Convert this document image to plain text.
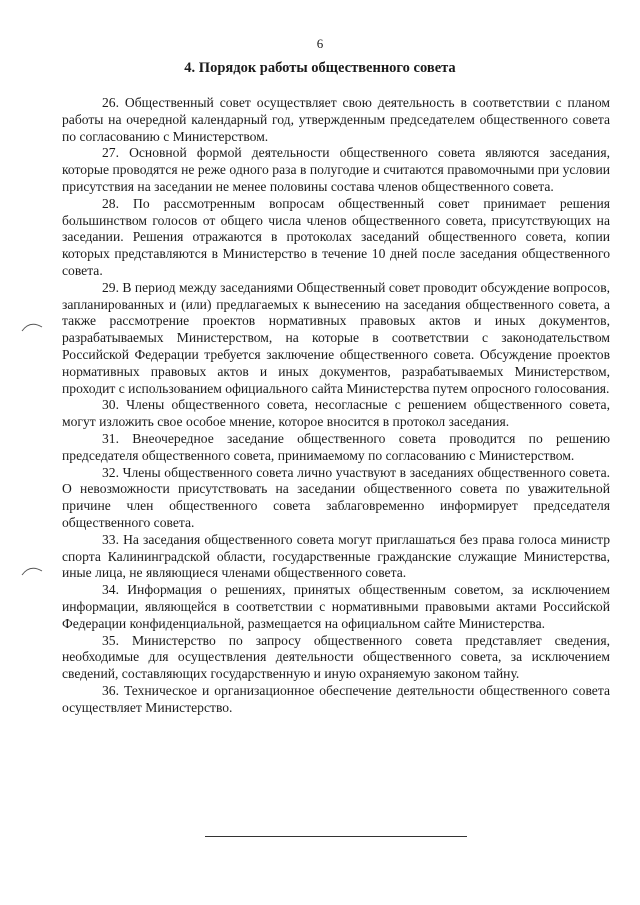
6
4. Порядок работы общественного совета

26. Общественный совет осуществляет свою деятельность в соответствии с планом работы на очередной календарный год, утвержденным председателем общественного совета по согласованию с Министерством.

27. Основной формой деятельности общественного совета являются заседания, которые проводятся не реже одного раза в полугодие и считаются правомочными при условии присутствия на заседании не менее половины состава членов общественного совета.

28. По рассмотренным вопросам общественный совет принимает решения большинством голосов от общего числа членов общественного совета, присутствующих на заседании. Решения отражаются в протоколах заседаний общественного совета, копии которых представляются в Министерство в течение 10 дней после заседания общественного совета.

29. В период между заседаниями Общественный совет проводит обсуждение вопросов, запланированных и (или) предлагаемых к вынесению на заседания общественного совета, а также рассмотрение проектов нормативных правовых актов и иных документов, разрабатываемых Министерством, на которые в соответствии с законодательством Российской Федерации требуется заключение общественного совета. Обсуждение проектов нормативных правовых актов и иных документов, разрабатываемых Министерством, проходит с использованием официального сайта Министерства путем опросного голосования.

30. Члены общественного совета, несогласные с решением общественного совета, могут изложить свое особое мнение, которое вносится в протокол заседания.

31. Внеочередное заседание общественного совета проводится по решению председателя общественного совета, принимаемому по согласованию с Министерством.

32. Члены общественного совета лично участвуют в заседаниях общественного совета. О невозможности присутствовать на заседании общественного совета по уважительной причине член общественного совета заблаговременно информирует председателя общественного совета.

33. На заседания общественного совета могут приглашаться без права голоса министр спорта Калининградской области, государственные гражданские служащие Министерства, иные лица, не являющиеся членами общественного совета.

34. Информация о решениях, принятых общественным советом, за исключением информации, являющейся в соответствии с нормативными правовыми актами Российской Федерации конфиденциальной, размещается на официальном сайте Министерства.

35. Министерство по запросу общественного совета представляет сведения, необходимые для осуществления деятельности общественного совета, за исключением сведений, составляющих государственную и иную охраняемую законом тайну.

36. Техническое и организационное обеспечение деятельности общественного совета осуществляет Министерство.
